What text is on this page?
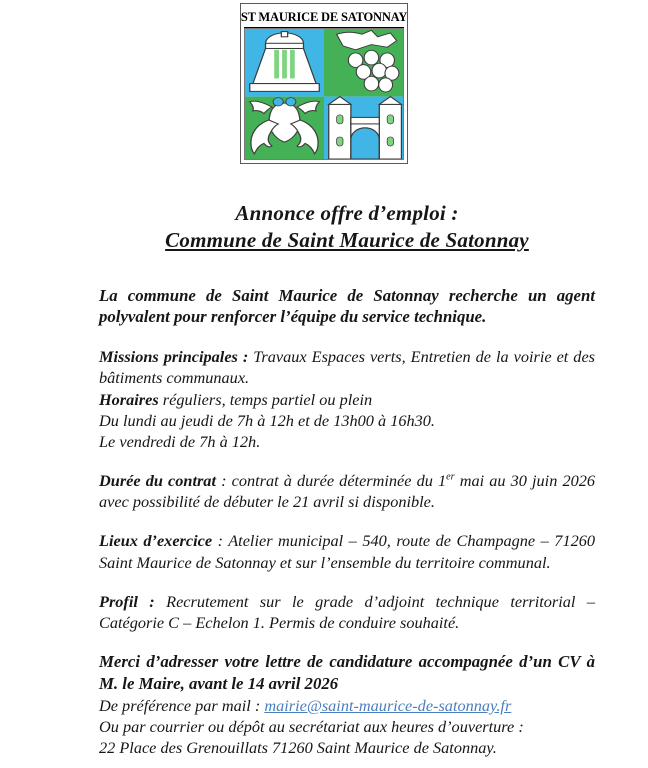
ST MAURICE DE SATONNAY
Annonce offre d’emploi :
Commune de Saint Maurice de Satonnay

La commune de Saint Maurice de Satonnay recherche un agent polyvalent pour renforcer l’équipe du service technique.

Missions principales : Travaux Espaces verts, Entretien de la voirie et des bâtiments communaux.

Horaires réguliers, temps partiel ou plein

Du lundi au jeudi de 7h à 12h et de 13h00 à 16h30.

Le vendredi de 7h à 12h.

Durée du contrat : contrat à durée déterminée du 1er mai au 30 juin 2026 avec possibilité de débuter le 21 avril si disponible.

Lieux d’exercice : Atelier municipal – 540, route de Champagne – 71260 Saint Maurice de Satonnay et sur l’ensemble du territoire communal.

Profil : Recrutement sur le grade d’adjoint technique territorial – Catégorie C – Echelon 1. Permis de conduire souhaité.

Merci d’adresser votre lettre de candidature accompagnée d’un CV à M. le Maire, avant le 14 avril 2026

De préférence par mail : mairie@saint-maurice-de-satonnay.fr

Ou par courrier ou dépôt au secrétariat aux heures d’ouverture :

22 Place des Grenouillats 71260 Saint Maurice de Satonnay.
